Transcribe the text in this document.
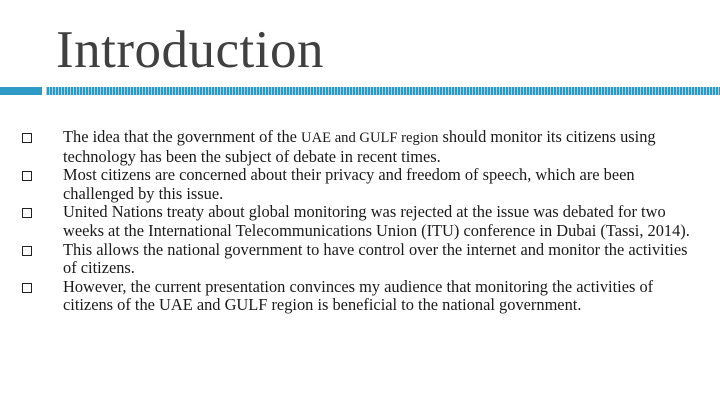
Introduction
The idea that the government of the UAE and GULF region should monitor its citizens using technology has been the subject of debate in recent times.
Most citizens are concerned about their privacy and freedom of speech, which are been challenged by this issue.
United Nations treaty about global monitoring was rejected at the issue was debated for two weeks at the International Telecommunications Union (ITU) conference in Dubai (Tassi, 2014).
This allows the national government to have control over the internet and monitor the activities of citizens.
However, the current presentation convinces my audience that monitoring the activities of citizens of the UAE and GULF region is beneficial to the national government.
